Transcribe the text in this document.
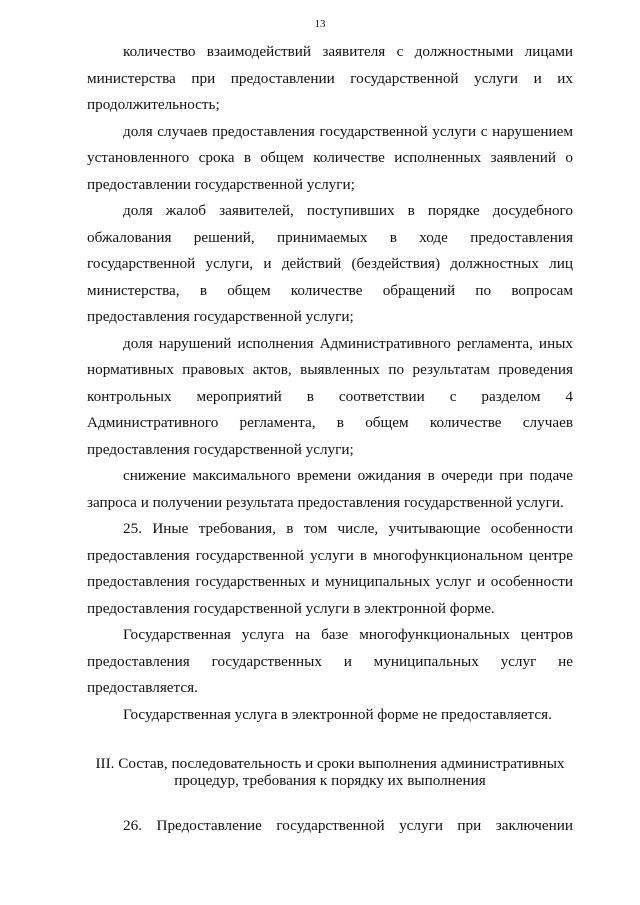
13

количество взаимодействий заявителя с должностными лицами министерства при предоставлении государственной услуги и их продолжительность;

доля случаев предоставления государственной услуги с нарушением установленного срока в общем количестве исполненных заявлений о предоставлении государственной услуги;

доля жалоб заявителей, поступивших в порядке досудебного обжалования решений, принимаемых в ходе предоставления государственной услуги, и действий (бездействия) должностных лиц министерства, в общем количестве обращений по вопросам предоставления государственной услуги;

доля нарушений исполнения Административного регламента, иных нормативных правовых актов, выявленных по результатам проведения контрольных мероприятий в соответствии с разделом 4 Административного регламента, в общем количестве случаев предоставления государственной услуги;

снижение максимального времени ожидания в очереди при подаче запроса и получении результата предоставления государственной услуги.

25. Иные требования, в том числе, учитывающие особенности предоставления государственной услуги в многофункциональном центре предоставления государственных и муниципальных услуг и особенности предоставления государственной услуги в электронной форме.

Государственная услуга на базе многофункциональных центров предоставления государственных и муниципальных услуг не предоставляется.

Государственная услуга в электронной форме не предоставляется.

III. Состав, последовательность и сроки выполнения административных
процедур, требования к порядку их выполнения

26. Предоставление государственной услуги при заключении
